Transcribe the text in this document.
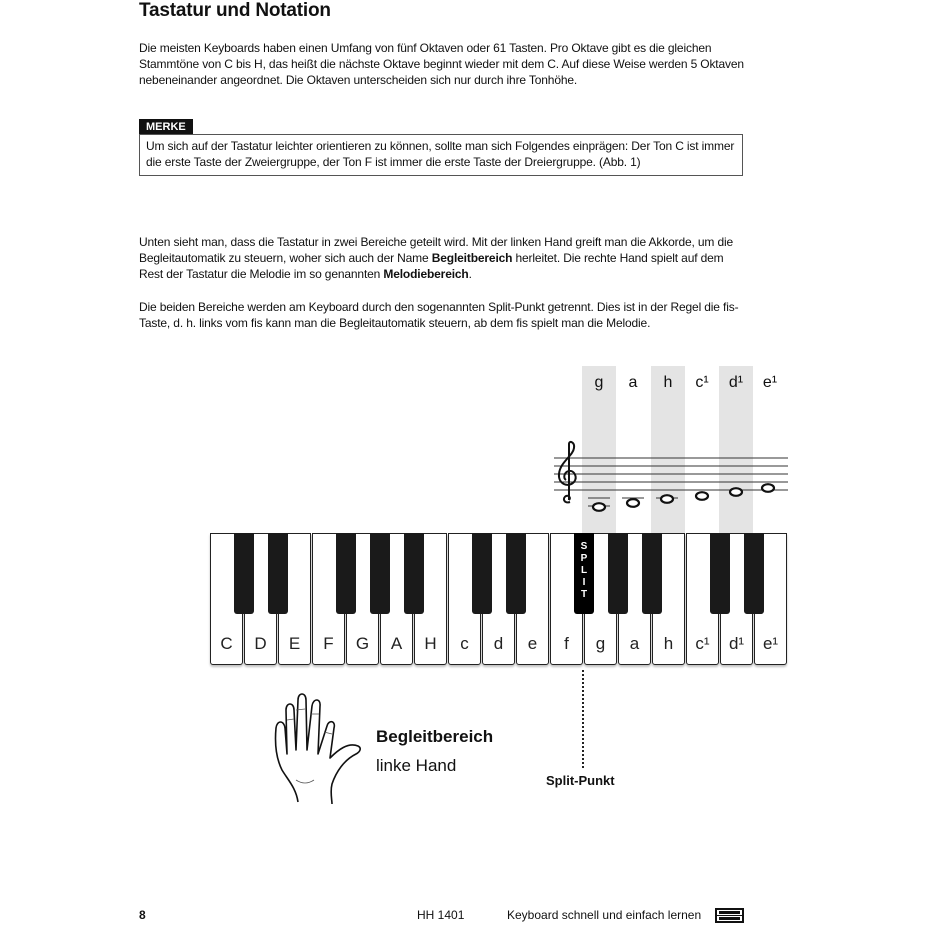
Tastatur und Notation

Die meisten Keyboards haben einen Umfang von fünf Oktaven oder 61 Tasten. Pro Oktave gibt es die gleichen Stammtöne von C bis H, das heißt die nächste Oktave beginnt wieder mit dem C. Auf diese Weise werden 5 Oktaven nebeneinander angeordnet. Die Oktaven unterscheiden sich nur durch ihre Tonhöhe.

MERKE
Um sich auf der Tastatur leichter orientieren zu können, sollte man sich Folgendes einprägen: Der Ton C ist immer die erste Taste der Zweiergruppe, der Ton F ist immer die erste Taste der Dreiergruppe. (Abb. 1)

Unten sieht man, dass die Tastatur in zwei Bereiche geteilt wird. Mit der linken Hand greift man die Akkorde, um die Begleitautomatik zu steuern, woher sich auch der Name Begleitbereich herleitet. Die rechte Hand spielt auf dem Rest der Tastatur die Melodie im so genannten Melodiebereich.

Die beiden Bereiche werden am Keyboard durch den sogenannten Split-Punkt getrennt. Dies ist in der Regel die fis-Taste, d. h. links vom fis kann man die Begleitautomatik steuern, ab dem fis spielt man die Melodie.

g	a	h	c¹	d¹	e¹
C	D	E	F	G	A	H	c	d	e	f	g	a	h	c¹	d¹	e¹
S
P
L
I
T
Split-Punkt
Begleitbereich
linke Hand
8	HH 1401	Keyboard schnell und einfach lernen
